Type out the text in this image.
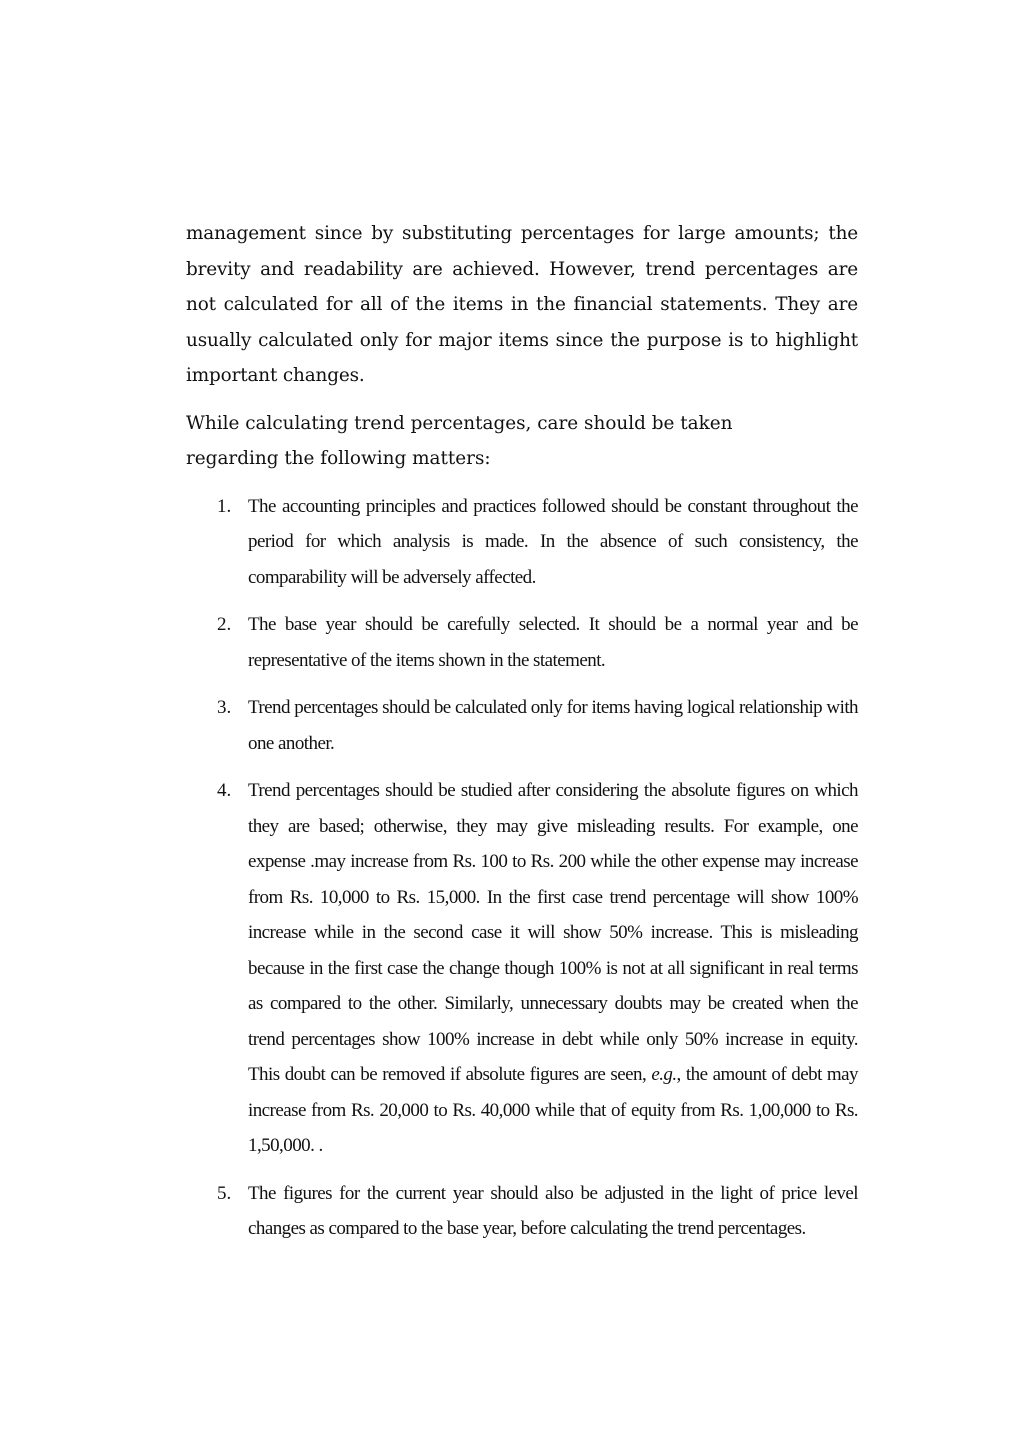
management since by substituting percentages for large amounts; the brevity and readability are achieved. However, trend percentages are not calculated for all of the items in the financial statements. They are usually calculated only for major items since the purpose is to highlight important changes.

While calculating trend percentages, care should be taken regarding the following matters:

1. The accounting principles and practices followed should be constant throughout the period for which analysis is made. In the absence of such consistency, the comparability will be adversely affected.

2. The base year should be carefully selected. It should be a normal year and be representative of the items shown in the statement.

3. Trend percentages should be calculated only for items having logical relationship with one another.

4. Trend percentages should be studied after considering the absolute figures on which they are based; otherwise, they may give misleading results. For example, one expense .may increase from Rs. 100 to Rs. 200 while the other expense may increase from Rs. 10,000 to Rs. 15,000. In the first case trend percentage will show 100% increase while in the second case it will show 50% increase. This is misleading because in the first case the change though 100% is not at all significant in real terms as compared to the other. Similarly, unnecessary doubts may be created when the trend percentages show 100% increase in debt while only 50% increase in equity. This doubt can be removed if absolute figures are seen, e.g., the amount of debt may increase from Rs. 20,000 to Rs. 40,000 while that of equity from Rs. 1,00,000 to Rs. 1,50,000. .

5. The figures for the current year should also be adjusted in the light of price level changes as compared to the base year, before calculating the trend percentages.
